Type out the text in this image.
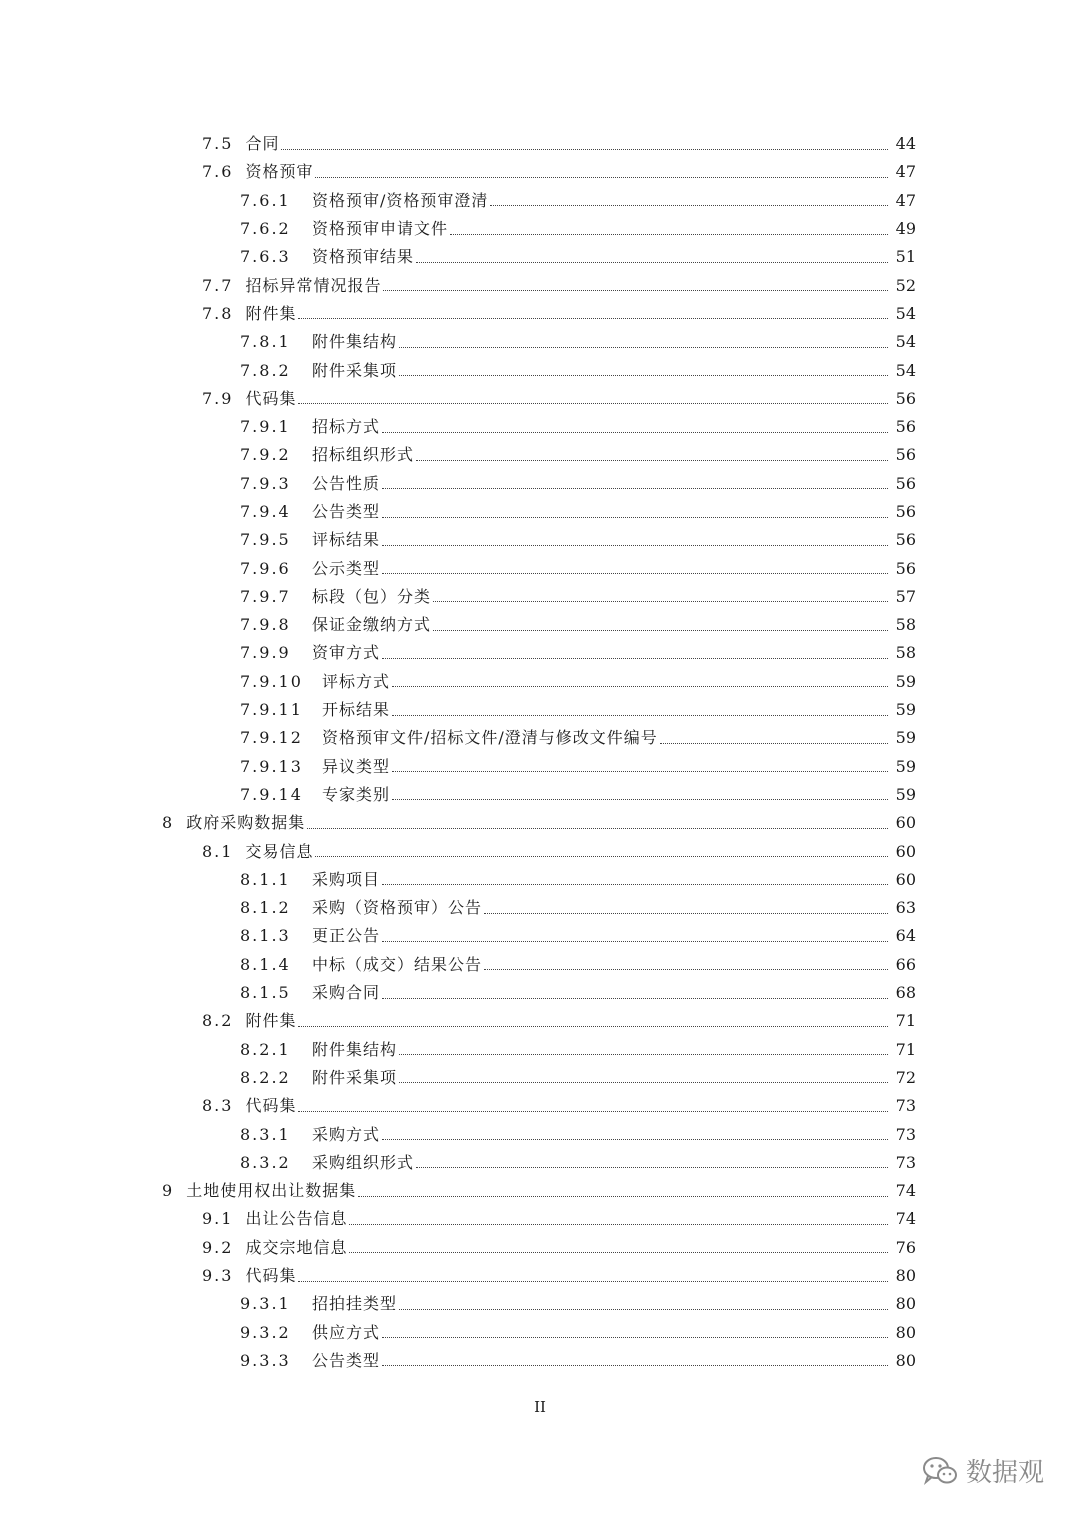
7.5 合同	44
7.6 资格预审	47
7.6.1	资格预审/资格预审澄清	47
7.6.2	资格预审申请文件	49
7.6.3	资格预审结果	51
7.7 招标异常情况报告	52
7.8 附件集	54
7.8.1	附件集结构	54
7.8.2	附件采集项	54
7.9 代码集	56
7.9.1	招标方式	56
7.9.2	招标组织形式	56
7.9.3	公告性质	56
7.9.4	公告类型	56
7.9.5	评标结果	56
7.9.6	公示类型	56
7.9.7	标段（包）分类	57
7.9.8	保证金缴纳方式	58
7.9.9	资审方式	58
7.9.10	评标方式	59
7.9.11	开标结果	59
7.9.12	资格预审文件/招标文件/澄清与修改文件编号	59
7.9.13	异议类型	59
7.9.14	专家类别	59
8 政府采购数据集	60
8.1 交易信息	60
8.1.1	采购项目	60
8.1.2	采购（资格预审）公告	63
8.1.3	更正公告	64
8.1.4	中标（成交）结果公告	66
8.1.5	采购合同	68
8.2 附件集	71
8.2.1	附件集结构	71
8.2.2	附件采集项	72
8.3 代码集	73
8.3.1	采购方式	73
8.3.2	采购组织形式	73
9 土地使用权出让数据集	74
9.1 出让公告信息	74
9.2 成交宗地信息	76
9.3 代码集	80
9.3.1	招拍挂类型	80
9.3.2	供应方式	80
9.3.3	公告类型	80
II
数据观
